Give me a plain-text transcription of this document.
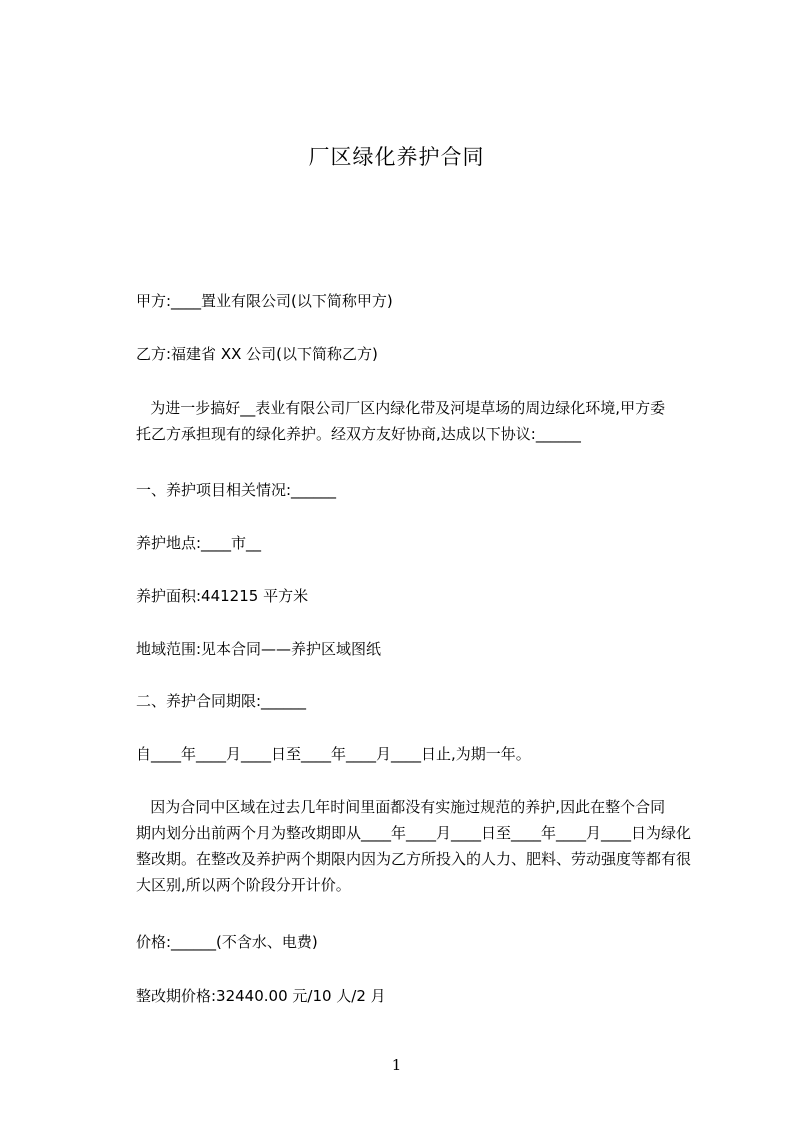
厂区绿化养护合同
甲方:____置业有限公司(以下简称甲方)
乙方:福建省 XX 公司(以下简称乙方)
为进一步搞好__表业有限公司厂区内绿化带及河堤草场的周边绿化环境,甲方委
托乙方承担现有的绿化养护。经双方友好协商,达成以下协议:______
一、养护项目相关情况:______
养护地点:____市__
养护面积:441215 平方米
地域范围:见本合同——养护区域图纸
二、养护合同期限:______
自____年____月____日至____年____月____日止,为期一年。
因为合同中区域在过去几年时间里面都没有实施过规范的养护,因此在整个合同
期内划分出前两个月为整改期即从____年____月____日至____年____月____日为绿化
整改期。在整改及养护两个期限内因为乙方所投入的人力、肥料、劳动强度等都有很
大区别,所以两个阶段分开计价。
价格:______(不含水、电费)
整改期价格:32440.00 元/10 人/2 月
1
